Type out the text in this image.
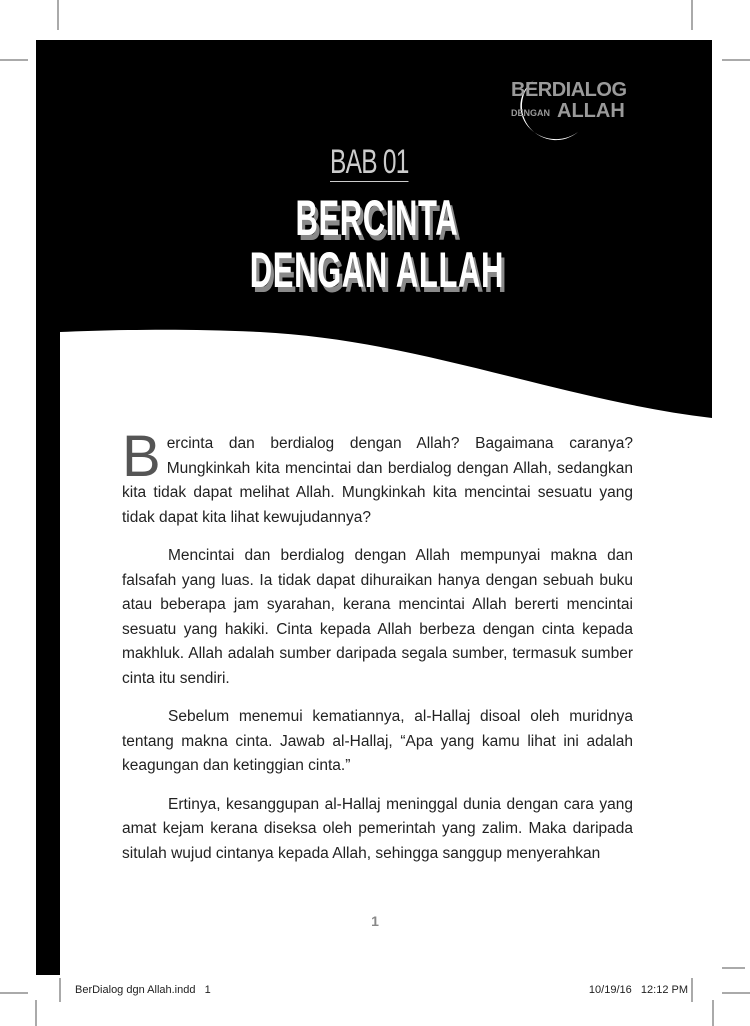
BERDIALOG
DENGAN ALLAH
BAB 01
BERCINTA
DENGAN ALLAH

Bercinta dan berdialog dengan Allah? Bagaimana caranya? Mungkinkah kita mencintai dan berdialog dengan Allah, sedangkan kita tidak dapat melihat Allah. Mungkinkah kita mencintai sesuatu yang tidak dapat kita lihat kewujudannya?

Mencintai dan berdialog dengan Allah mempunyai makna dan falsafah yang luas. Ia tidak dapat dihuraikan hanya dengan sebuah buku atau beberapa jam syarahan, kerana mencintai Allah bererti mencintai sesuatu yang hakiki. Cinta kepada Allah berbeza dengan cinta kepada makhluk. Allah adalah sumber daripada segala sumber, termasuk sumber cinta itu sendiri.

Sebelum menemui kematiannya, al-Hallaj disoal oleh muridnya tentang makna cinta. Jawab al-Hallaj, “Apa yang kamu lihat ini adalah keagungan dan ketinggian cinta.”

Ertinya, kesanggupan al-Hallaj meninggal dunia dengan cara yang amat kejam kerana diseksa oleh pemerintah yang zalim. Maka daripada situlah wujud cintanya kepada Allah, sehingga sanggup menyerahkan

1
BerDialog dgn Allah.indd   1	10/19/16   12:12 PM
